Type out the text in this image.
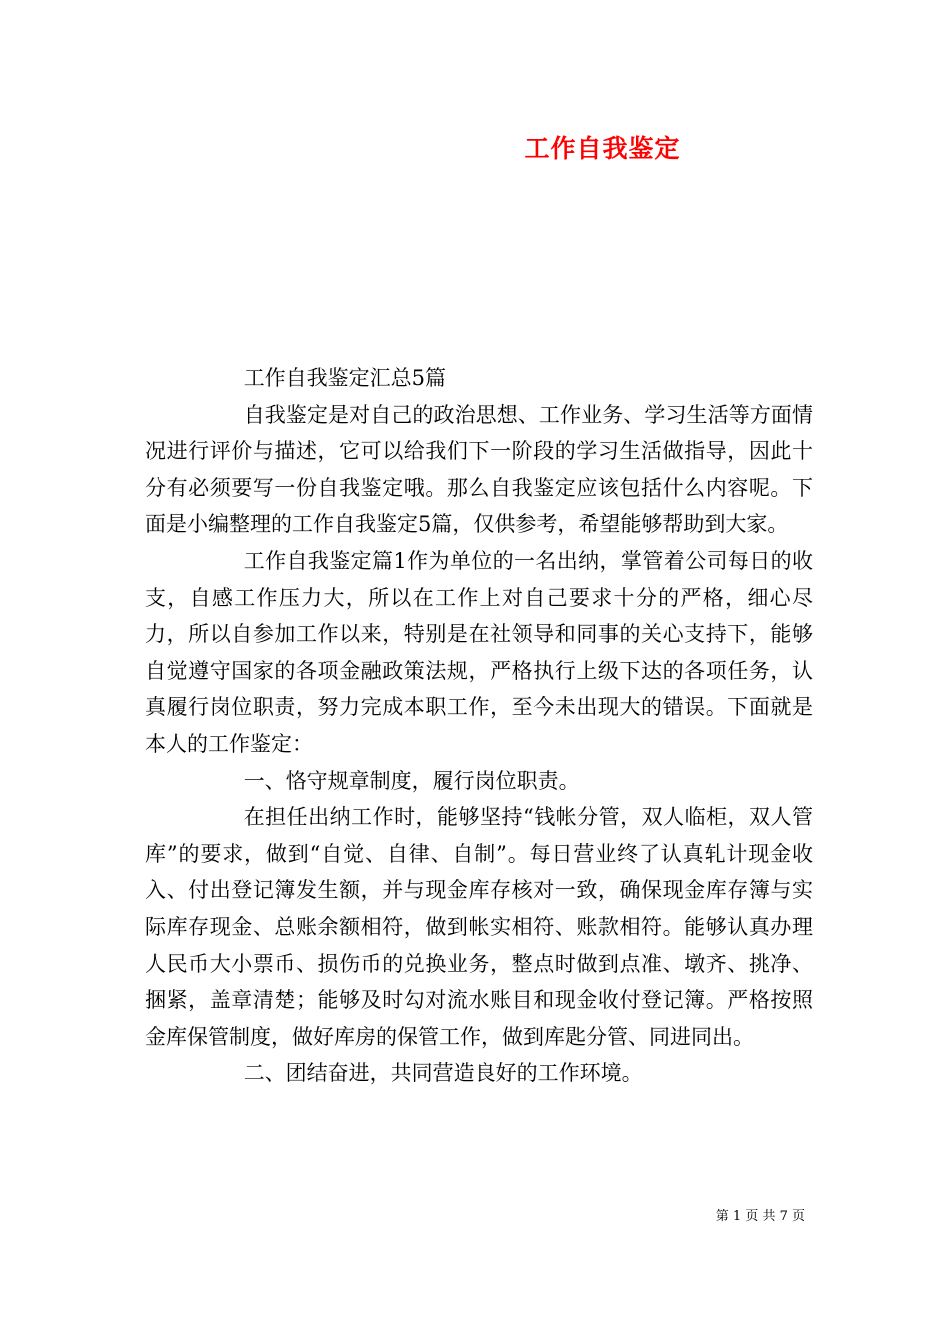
工作自我鉴定

工作自我鉴定汇总5篇

自我鉴定是对自己的政治思想、工作业务、学习生活等方面情况进行评价与描述，它可以给我们下一阶段的学习生活做指导，因此十分有必须要写一份自我鉴定哦。那么自我鉴定应该包括什么内容呢。下面是小编整理的工作自我鉴定5篇，仅供参考，希望能够帮助到大家。

工作自我鉴定篇1作为单位的一名出纳，掌管着公司每日的收支，自感工作压力大，所以在工作上对自己要求十分的严格，细心尽力，所以自参加工作以来，特别是在社领导和同事的关心支持下，能够自觉遵守国家的各项金融政策法规，严格执行上级下达的各项任务，认真履行岗位职责，努力完成本职工作，至今未出现大的错误。下面就是本人的工作鉴定：

一、恪守规章制度，履行岗位职责。

在担任出纳工作时，能够坚持“钱帐分管，双人临柜，双人管库”的要求，做到“自觉、自律、自制”。每日营业终了认真轧计现金收入、付出登记簿发生额，并与现金库存核对一致，确保现金库存簿与实际库存现金、总账余额相符，做到帐实相符、账款相符。能够认真办理人民币大小票币、损伤币的兑换业务，整点时做到点准、墩齐、挑净、捆紧，盖章清楚；能够及时勾对流水账目和现金收付登记簿。严格按照金库保管制度，做好库房的保管工作，做到库匙分管、同进同出。

二、团结奋进，共同营造良好的工作环境。

第 1 页 共 7 页
